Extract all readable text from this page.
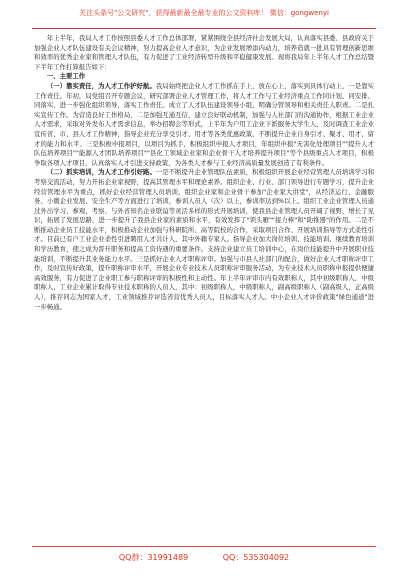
关注头条号"公文研究"，获得最新最全最专业的公文资料库！ 微信：gongwenyi

年上半年，我局人才工作按照县委人才工作总体部署，紧紧围绕全县经济社会发展大局，认真落实县委、县政府关于加强企业人才队伍建设有关会议精神，努力提高企业人才意识，为企业发展增添内动力，培养造就一批具有管理创新思维和效率的优秀企业家和管理人才队伍，有力促进了工业经济转型升级和平稳健康发展。现将我局年上半年人才工作总结暨下半年工作打算报告如下：

一、主要工作

（一）靠实责任，为人才工作护好航。我局始终把企业人才工作抓在手上，放在心上，落实到具体行动上，一是靠实工作责任。年初，局党组召开专题会议，研究部署企业人才管理工作，将人才工作与工业经济重点工作同计划、同安排、同落实，进一步强化组织领导，落实工作责任。成立了人才队伍建设领导小组，明确分管领导和相关责任人职责。二是扎实宣传工作。为营造良好工作格局，二是加强互通互信，建立良好联动机制，加强与人社部门的沟通协作，根据工业企业人才需求，采取对外发布人才需求信息，举办招聘会等形式，上半年为户用工企业下派服务大学生人，及时调查工业企业宣传省、市、县人才工作精神，指导企业充分享受引才、用才等各类优惠政策，不断提升企业自身引才、聚才、用才、留才的能力和水平。三是积极申报项目，以项目为抓手，积极组织申报人才项目，年组织申报"无害化处理项目""提升人才队伍培养项目""能源人才团队培养项目""县化工领域企业家和企业骨干人才培养提升项目"等个县级重点人才项目，积极争取各项人才项目，认真落实人才引进支持政策，为各类人才参与工业经济高质量发展创造了有利条件。

（二）抓实培训，为人才工作引好路。一是不断提升企业管理队伍素质，积极组织开展企业经营管理人员培训学习和考察交流活动，努力开拓企业家视野，提高其管理水平和理论素养。组织企业、行业、部门领导进行专题学习，提升企业经营管理水平为重点，抓好企业经营管理人员培训，组织企业家和企业骨干参加"企业家大讲堂"，从经济运行、金融服务、小微企业发展、安全生产等方面进行了培训，参训人员人（次）以上，参训率达到%以上。组织工业企业管理人员通过外出学习、参观、考察、与外省知名企业联谊等灵活多样的形式开展培训，使我县企业管理人员开阔了视野，增长了见识，拓展了发展思路，进一步提升了我县企业家的素质和水平，有效发挥了"领头雁""接力棒"和"助推器"的作用。二是不断推动企业员工技能水平，积极推动企业加强与科研院所、高等院校的合作，采取项目合作、开展培训指导等方式柔性引才。目前已有户工业企业柔性引进聘用人才共计人，其中外籍专家人。指导企业加大岗位培训、技能培训、继续教育培训和学历教育，使之成为晋升职务和提高工资待遇的重要条件。支持企业建立员工培训中心，在岗位技能提升中开展职业技能培训，不断提升其业务能力水平。三是抓好企业人才职称评审。加强与市县人社部门的配合，做好企业人才职称评审工作，及时宣传好政策，提升职称评审水平，开展企业专业技术人员职称评审服务活动，为专业技术人员职称申报提供便捷高效服务，有力促进了企业职工参与职称评审的积极性和主动性。年上半年评审市内有效职称人，其中初级职称人，中级职称人，工业企业累计取得专业技术职称的人员人，其中：初级职称人，中级职称人，副高级职称人（副高级人，正高级人），推荐同志为国家人才，工业领域推荐评选省营优秀人员人，目标落实人才人。中小企业人才评价政策"绿色通道"进一步畅通。

QQ群：31991489	QQ：535304092
